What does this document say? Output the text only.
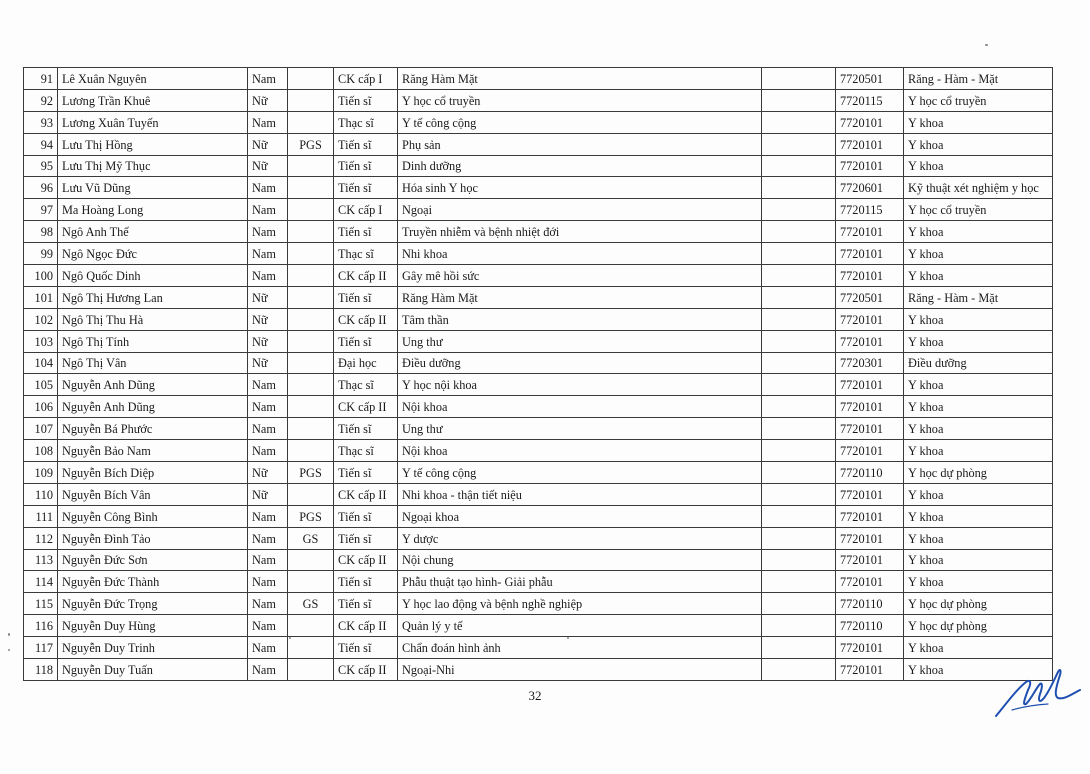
91	Lê Xuân Nguyên	Nam		CK cấp I	Răng Hàm Mặt		7720501	Răng - Hàm - Mặt
92	Lương Trần Khuê	Nữ		Tiến sĩ	Y học cổ truyền		7720115	Y học cổ truyền
93	Lương Xuân Tuyến	Nam		Thạc sĩ	Y tế công cộng		7720101	Y khoa
94	Lưu Thị Hồng	Nữ	PGS	Tiến sĩ	Phụ sản		7720101	Y khoa
95	Lưu Thị Mỹ Thục	Nữ		Tiến sĩ	Dinh dưỡng		7720101	Y khoa
96	Lưu Vũ Dũng	Nam		Tiến sĩ	Hóa sinh Y học		7720601	Kỹ thuật xét nghiệm y học
97	Ma Hoàng Long	Nam		CK cấp I	Ngoại		7720115	Y học cổ truyền
98	Ngô Anh Thế	Nam		Tiến sĩ	Truyền nhiễm và bệnh nhiệt đới		7720101	Y khoa
99	Ngô Ngọc Đức	Nam		Thạc sĩ	Nhi khoa		7720101	Y khoa
100	Ngô Quốc Dinh	Nam		CK cấp II	Gây mê hồi sức		7720101	Y khoa
101	Ngô Thị Hương Lan	Nữ		Tiến sĩ	Răng Hàm Mặt		7720501	Răng - Hàm - Mặt
102	Ngô Thị Thu Hà	Nữ		CK cấp II	Tâm thần		7720101	Y khoa
103	Ngô Thị Tính	Nữ		Tiến sĩ	Ung thư		7720101	Y khoa
104	Ngô Thị Vân	Nữ		Đại học	Điều dưỡng		7720301	Điều dưỡng
105	Nguyễn Anh Dũng	Nam		Thạc sĩ	Y học nội khoa		7720101	Y khoa
106	Nguyễn Anh Dũng	Nam		CK cấp II	Nội khoa		7720101	Y khoa
107	Nguyễn Bá Phước	Nam		Tiến sĩ	Ung thư		7720101	Y khoa
108	Nguyễn Bảo Nam	Nam		Thạc sĩ	Nội khoa		7720101	Y khoa
109	Nguyễn Bích Diệp	Nữ	PGS	Tiến sĩ	Y tế công cộng		7720110	Y học dự phòng
110	Nguyễn Bích Vân	Nữ		CK cấp II	Nhi khoa - thận tiết niệu		7720101	Y khoa
111	Nguyễn Công Bình	Nam	PGS	Tiến sĩ	Ngoại khoa		7720101	Y khoa
112	Nguyễn Đình Tảo	Nam	GS	Tiến sĩ	Y dược		7720101	Y khoa
113	Nguyễn Đức Sơn	Nam		CK cấp II	Nội chung		7720101	Y khoa
114	Nguyễn Đức Thành	Nam		Tiến sĩ	Phẫu thuật tạo hình- Giải phẫu		7720101	Y khoa
115	Nguyễn Đức Trọng	Nam	GS	Tiến sĩ	Y học lao động và bệnh nghề nghiệp		7720110	Y học dự phòng
116	Nguyễn Duy Hùng	Nam		CK cấp II	Quản lý y tế		7720110	Y học dự phòng
117	Nguyễn Duy Trinh	Nam		Tiến sĩ	Chẩn đoán hình ảnh		7720101	Y khoa
118	Nguyễn Duy Tuấn	Nam		CK cấp II	Ngoại-Nhi		7720101	Y khoa
32
